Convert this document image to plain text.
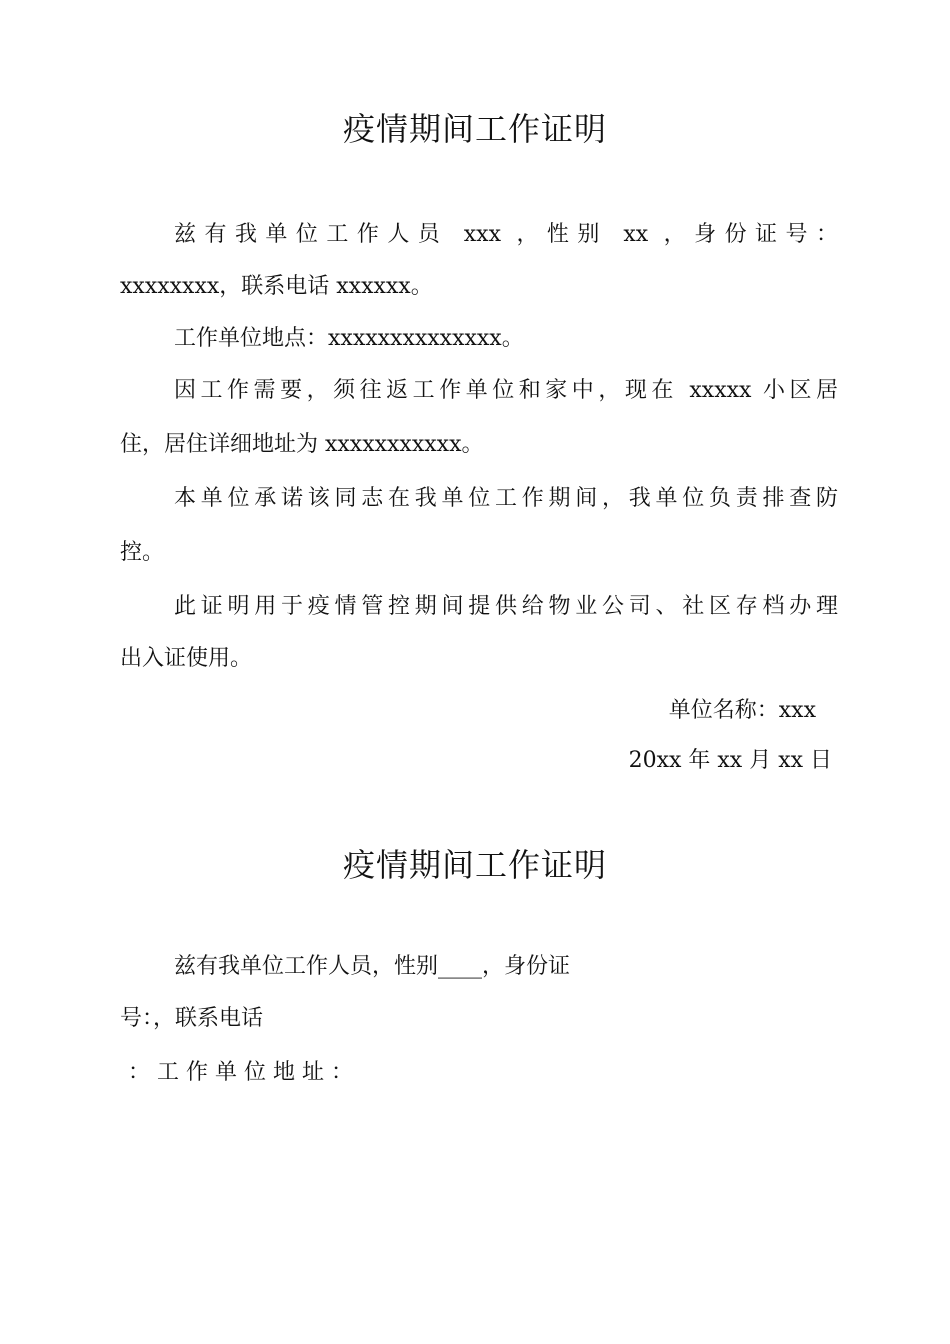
疫情期间工作证明
兹有我单位工作人员 xxx ，性别 xx ，身份证号：
xxxxxxxx，联系电话 xxxxxx。
工作单位地点：xxxxxxxxxxxxxx。
因工作需要，须往返工作单位和家中，现在 xxxxx 小区居
住，居住详细地址为 xxxxxxxxxxx。
本单位承诺该同志在我单位工作期间，我单位负责排查防
控。
此证明用于疫情管控期间提供给物业公司、社区存档办理
出入证使用。
单位名称：xxx
20xx 年 xx 月 xx 日
疫情期间工作证明
兹有我单位工作人员，性别____，身份证
号：，联系电话
： 工 作 单 位 地 址 ：
